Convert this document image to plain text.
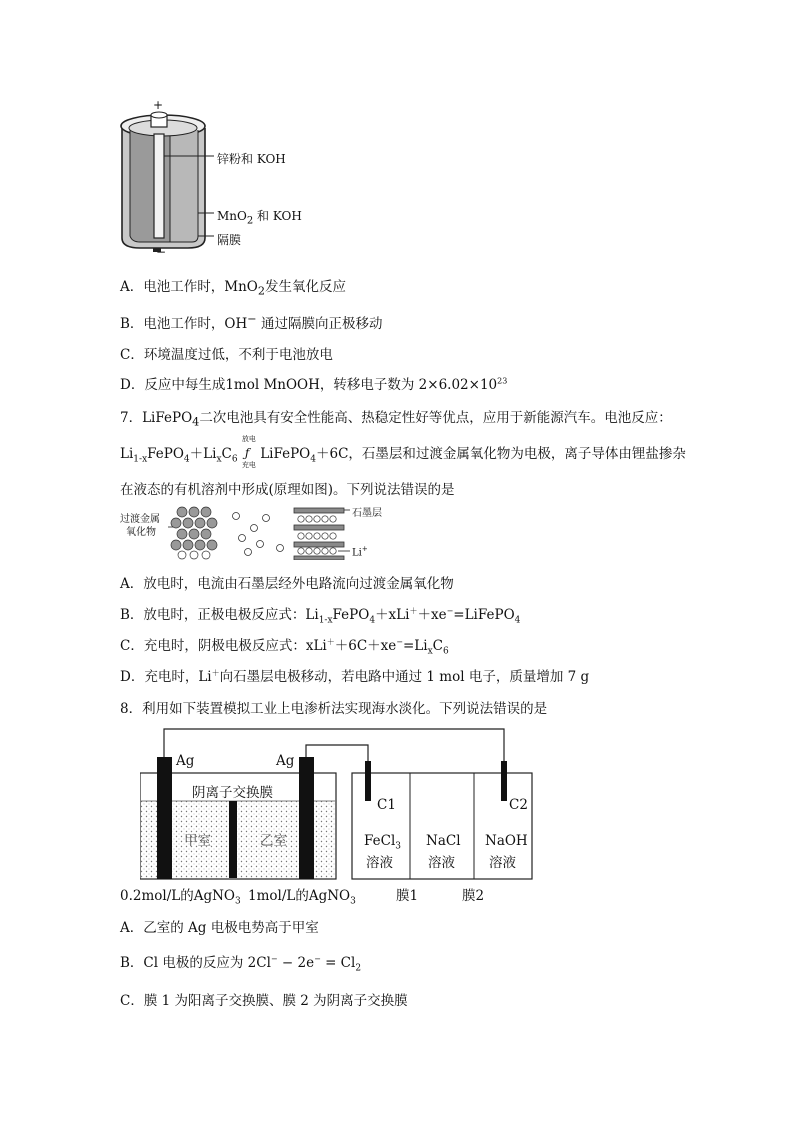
+
−
锌粉和 KOH
MnO$_2$ 和 KOH
隔膜
A．电池工作时，MnO$_2$发生氧化反应
B．电池工作时，OH− 通过隔膜向正极移动
C．环境温度过低，不利于电池放电
D．反应中每生成1mol MnOOH，转移电子数为 $2\times 6.02\times 10^{23}$
7．LiFePO$_4$二次电池具有安全性能高、热稳定性好等优点，应用于新能源汽车。电池反应：
$Li_{1-x}FePO_4+Li_xC_6$
放电
ƒ
充电
LiFePO$_4$＋6C，石墨层和过渡金属氧化物为电极，离子导体由锂盐掺杂
在液态的有机溶剂中形成(原理如图)。下列说法错误的是
过渡金属
氧化物
石墨层
Li+
A．放电时，电流由石墨层经外电路流向过渡金属氧化物
B．放电时，正极电极反应式：$Li_{1-x}FePO_4+xLi^++xe^-=LiFePO_4$
C．充电时，阴极电极反应式：$xLi^++6C+xe^-=Li_xC_6$
D．充电时，Li＋向石墨层电极移动，若电路中通过 1 mol 电子，质量增加 7 g
8．利用如下装置模拟工业上电渗析法实现海水淡化。下列说法错误的是
Ag	Ag
阴离子交换膜
甲室	乙室
C1	C2
FeCl$_3$
溶液
NaCl
溶液
NaOH
溶液
0.2mol/L的AgNO$_3$ 1mol/L的AgNO$_3$	膜1	膜2
A．乙室的 Ag 电极电势高于甲室
B．Cl 电极的反应为 $2Cl^- - 2e^- = Cl_2$
C．膜 1 为阳离子交换膜、膜 2 为阴离子交换膜
